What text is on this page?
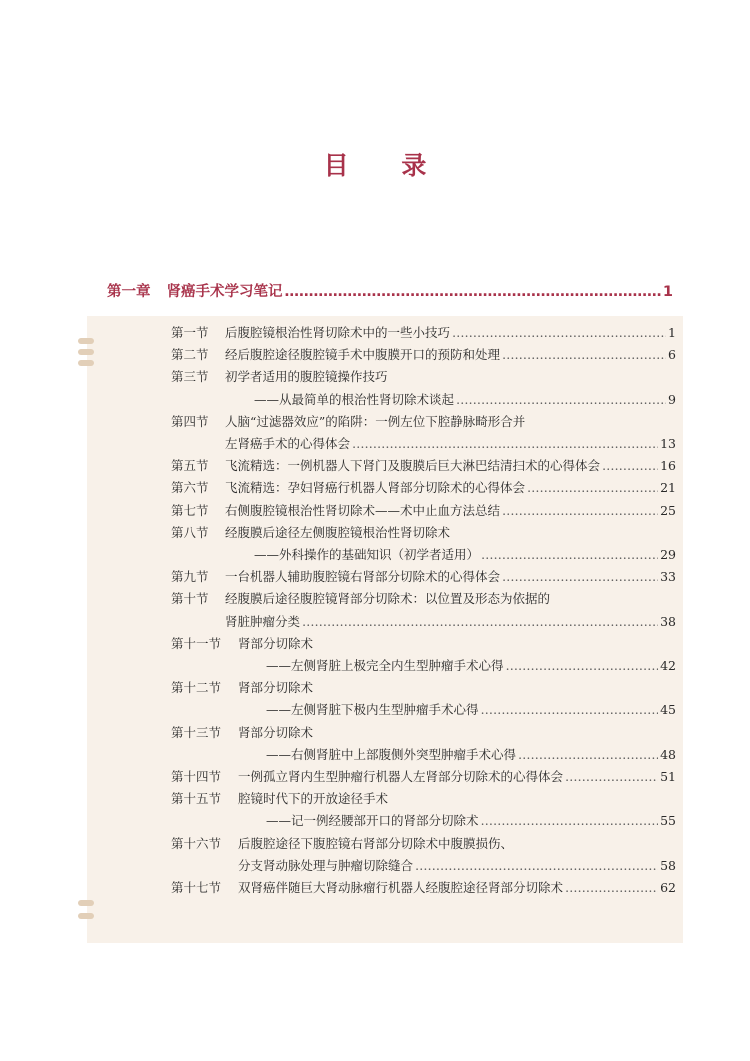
目 录
第一章 肾癌手术学习笔记 ………………………………………………………………………………………………………………………………	1
第一节	后腹腔镜根治性肾切除术中的一些小技巧 ……………………………………………………………………………………………………………………………………………………………………	1
第二节	经后腹腔途径腹腔镜手术中腹膜开口的预防和处理 ……………………………………………………………………………………………………………………………………………………………………	6
第三节	初学者适用的腹腔镜操作技巧
——从最简单的根治性肾切除术谈起 ……………………………………………………………………………………………………………………………………………………………………	9
第四节	人脑“过滤器效应”的陷阱：一例左位下腔静脉畸形合并
左肾癌手术的心得体会 ……………………………………………………………………………………………………………………………………………………………………	13
第五节	飞流精选：一例机器人下肾门及腹膜后巨大淋巴结清扫术的心得体会 ……………………………………………………………………………………………………………………………………………………………………	16
第六节	飞流精选：孕妇肾癌行机器人肾部分切除术的心得体会 ……………………………………………………………………………………………………………………………………………………………………	21
第七节	右侧腹腔镜根治性肾切除术——术中止血方法总结 ……………………………………………………………………………………………………………………………………………………………………	25
第八节	经腹膜后途径左侧腹腔镜根治性肾切除术
——外科操作的基础知识（初学者适用） ……………………………………………………………………………………………………………………………………………………………………	29
第九节	一台机器人辅助腹腔镜右肾部分切除术的心得体会 ……………………………………………………………………………………………………………………………………………………………………	33
第十节	经腹膜后途径腹腔镜肾部分切除术：以位置及形态为依据的
肾脏肿瘤分类 ……………………………………………………………………………………………………………………………………………………………………	38
第十一节	肾部分切除术
——左侧肾脏上极完全内生型肿瘤手术心得 ……………………………………………………………………………………………………………………………………………………………………	42
第十二节	肾部分切除术
——左侧肾脏下极内生型肿瘤手术心得 ……………………………………………………………………………………………………………………………………………………………………	45
第十三节	肾部分切除术
——右侧肾脏中上部腹侧外突型肿瘤手术心得 ……………………………………………………………………………………………………………………………………………………………………	48
第十四节	一例孤立肾内生型肿瘤行机器人左肾部分切除术的心得体会 ……………………………………………………………………………………………………………………………………………………………………	51
第十五节	腔镜时代下的开放途径手术
——记一例经腰部开口的肾部分切除术 ……………………………………………………………………………………………………………………………………………………………………	55
第十六节	后腹腔途径下腹腔镜右肾部分切除术中腹膜损伤、
分支肾动脉处理与肿瘤切除缝合 ……………………………………………………………………………………………………………………………………………………………………	58
第十七节	双肾癌伴随巨大肾动脉瘤行机器人经腹腔途径肾部分切除术 ……………………………………………………………………………………………………………………………………………………………………	62
